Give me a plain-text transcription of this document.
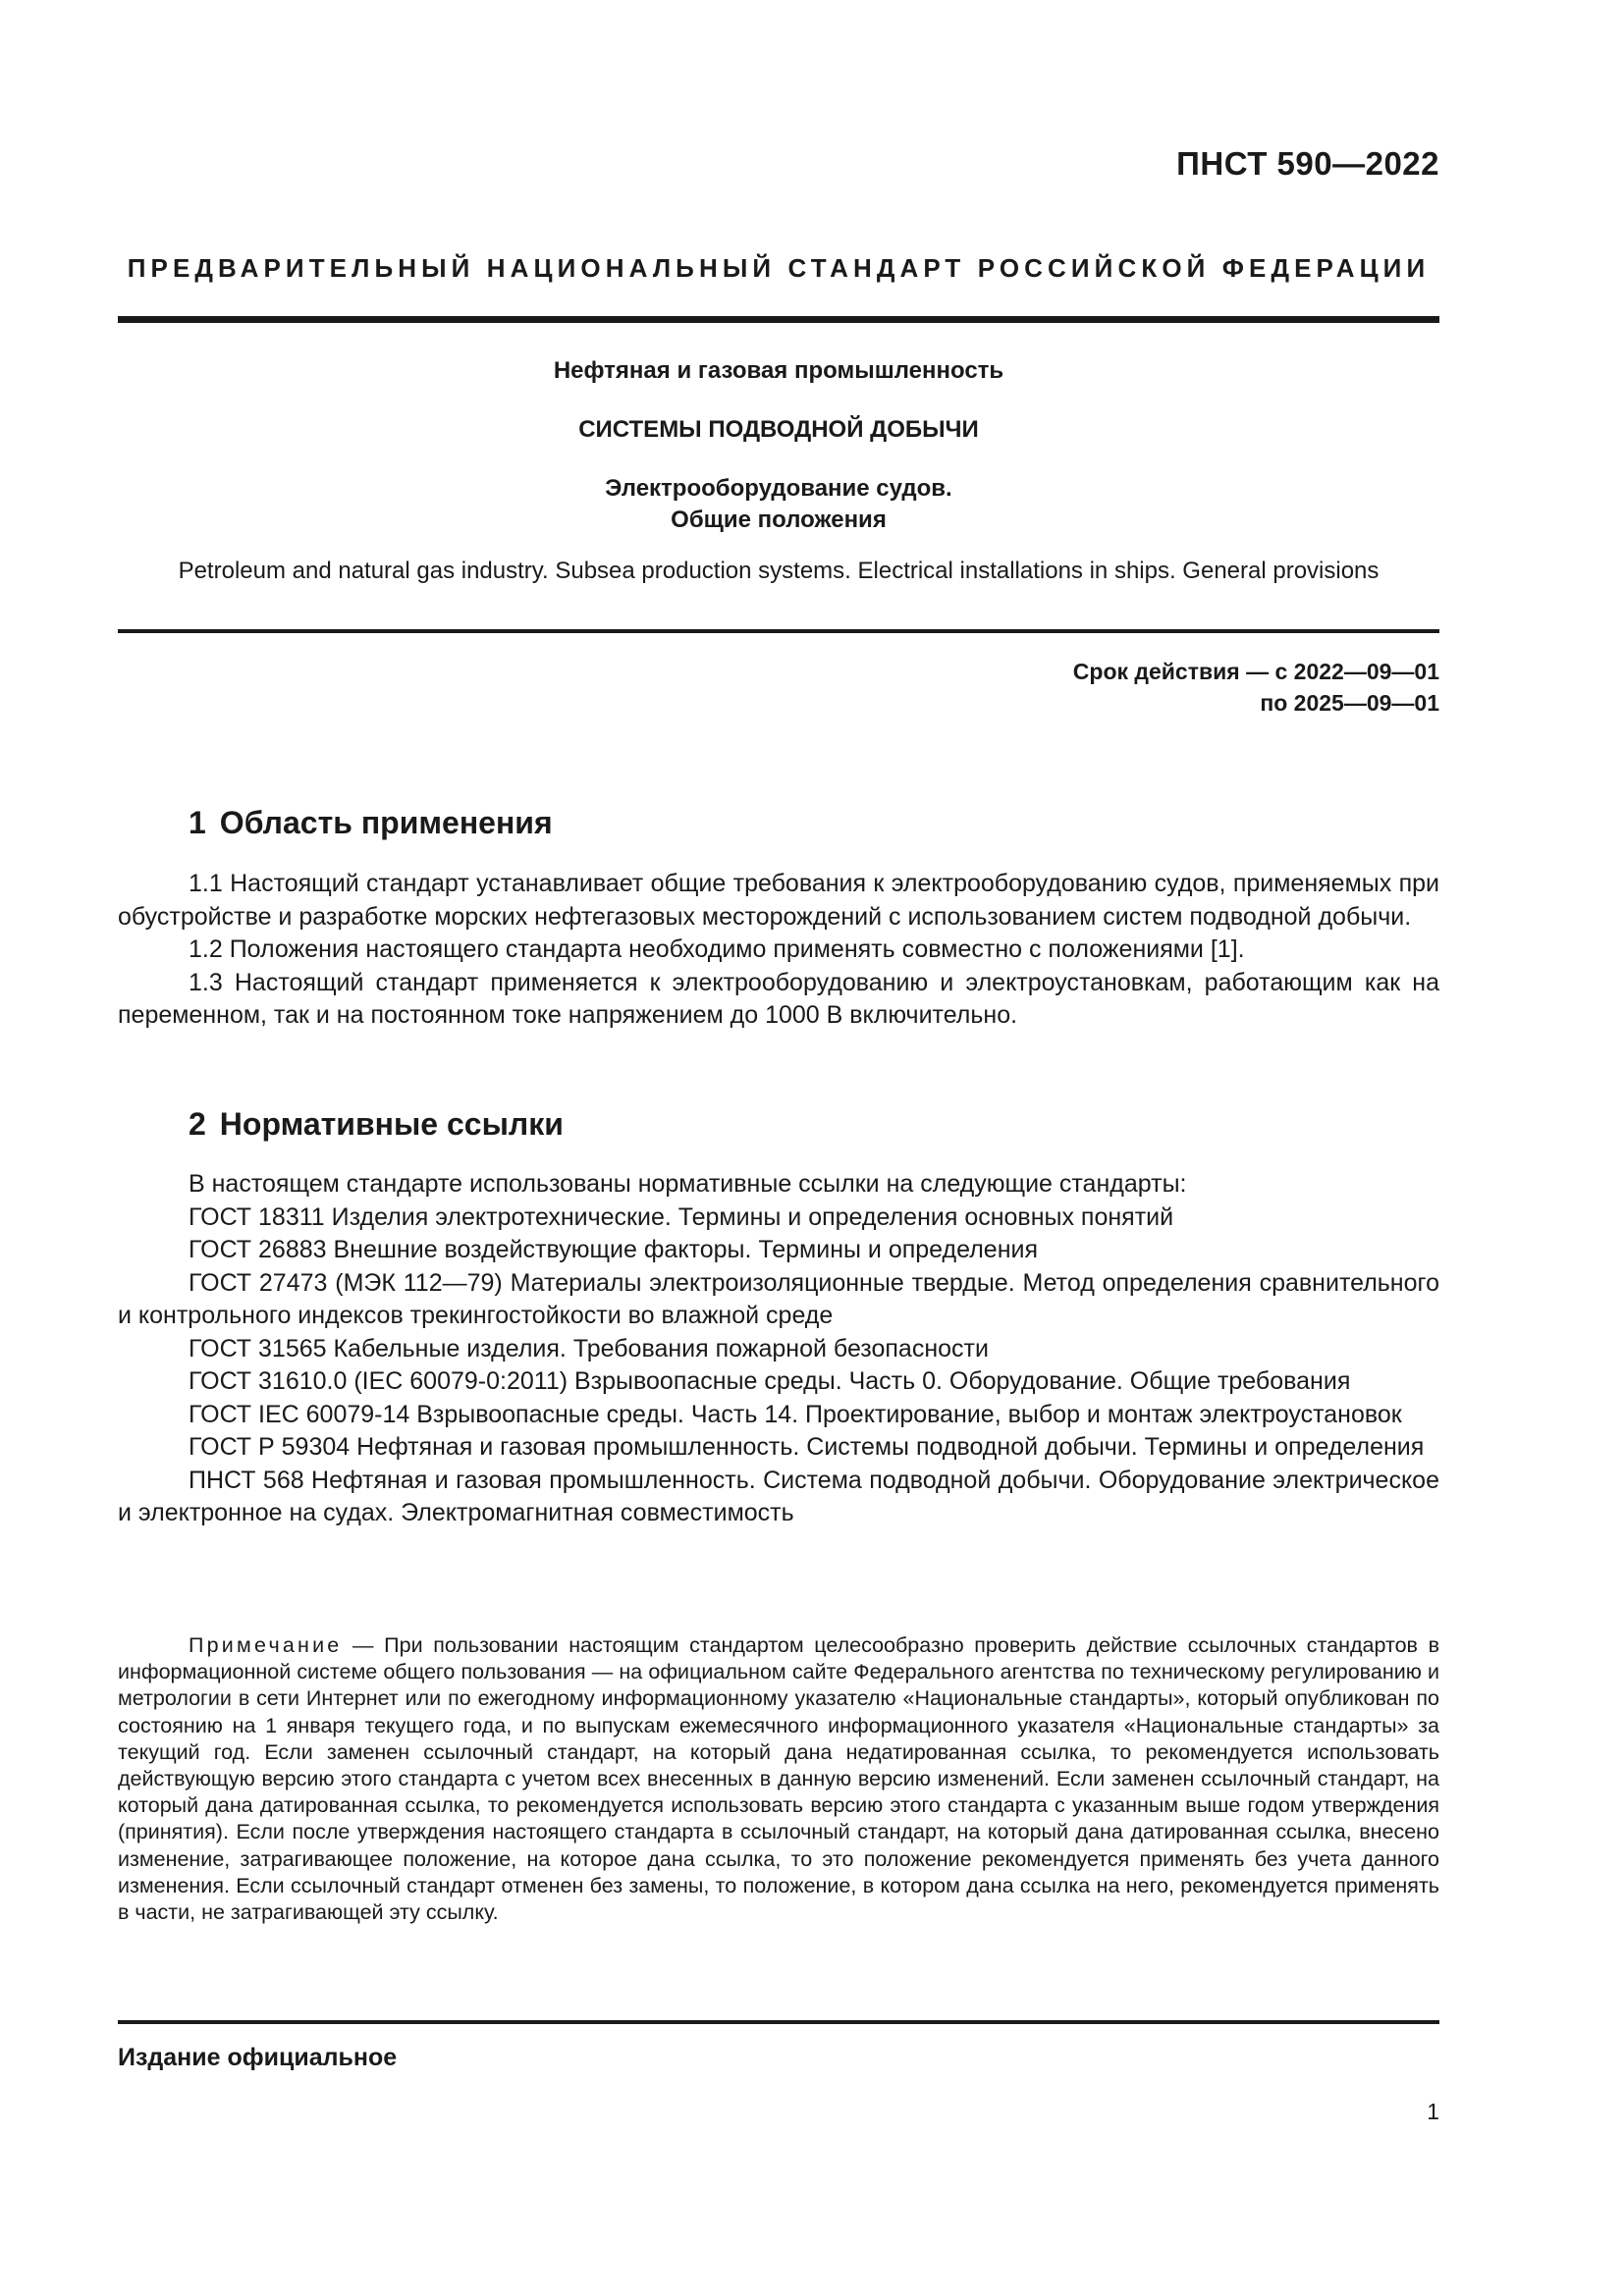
ПНСТ 590—2022
ПРЕДВАРИТЕЛЬНЫЙ НАЦИОНАЛЬНЫЙ СТАНДАРТ РОССИЙСКОЙ ФЕДЕРАЦИИ
Нефтяная и газовая промышленность
СИСТЕМЫ ПОДВОДНОЙ ДОБЫЧИ
Электрооборудование судов.
Общие положения
Petroleum and natural gas industry. Subsea production systems. Electrical installations in ships. General provisions
Срок действия — с 2022—09—01
по 2025—09—01
1 Область применения

1.1 Настоящий стандарт устанавливает общие требования к электрооборудованию судов, применяемых при обустройстве и разработке морских нефтегазовых месторождений с использованием систем подводной добычи.

1.2 Положения настоящего стандарта необходимо применять совместно с положениями [1].

1.3 Настоящий стандарт применяется к электрооборудованию и электроустановкам, работающим как на переменном, так и на постоянном токе напряжением до 1000 В включительно.

2 Нормативные ссылки

В настоящем стандарте использованы нормативные ссылки на следующие стандарты:

ГОСТ 18311 Изделия электротехнические. Термины и определения основных понятий

ГОСТ 26883 Внешние воздействующие факторы. Термины и определения

ГОСТ 27473 (МЭК 112—79) Материалы электроизоляционные твердые. Метод определения сравнительного и контрольного индексов трекингостойкости во влажной среде

ГОСТ 31565 Кабельные изделия. Требования пожарной безопасности

ГОСТ 31610.0 (IEC 60079-0:2011) Взрывоопасные среды. Часть 0. Оборудование. Общие требования

ГОСТ IEC 60079-14 Взрывоопасные среды. Часть 14. Проектирование, выбор и монтаж электроустановок

ГОСТ Р 59304 Нефтяная и газовая промышленность. Системы подводной добычи. Термины и определения

ПНСТ 568 Нефтяная и газовая промышленность. Система подводной добычи. Оборудование электрическое и электронное на судах. Электромагнитная совместимость

Примечание — При пользовании настоящим стандартом целесообразно проверить действие ссылочных стандартов в информационной системе общего пользования — на официальном сайте Федерального агентства по техническому регулированию и метрологии в сети Интернет или по ежегодному информационному указателю «Национальные стандарты», который опубликован по состоянию на 1 января текущего года, и по выпускам ежемесячного информационного указателя «Национальные стандарты» за текущий год. Если заменен ссылочный стандарт, на который дана недатированная ссылка, то рекомендуется использовать действующую версию этого стандарта с учетом всех внесенных в данную версию изменений. Если заменен ссылочный стандарт, на который дана датированная ссылка, то рекомендуется использовать версию этого стандарта с указанным выше годом утверждения (принятия). Если после утверждения настоящего стандарта в ссылочный стандарт, на который дана датированная ссылка, внесено изменение, затрагивающее положение, на которое дана ссылка, то это положение рекомендуется применять без учета данного изменения. Если ссылочный стандарт отменен без замены, то положение, в котором дана ссылка на него, рекомендуется применять в части, не затрагивающей эту ссылку.

Издание официальное
1
